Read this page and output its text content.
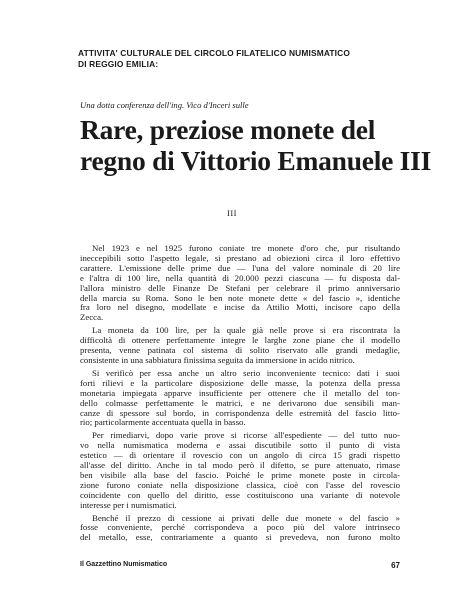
ATTIVITA' CULTURALE DEL CIRCOLO FILATELICO NUMISMATICO
DI REGGIO EMILIA:
Una dotta conferenza dell'ing. Vico d'Inceri sulle
Rare, preziose monete del
regno di Vittorio Emanuele III
III

Nel 1923 e nel 1925 furono coniate tre monete d'oro che, pur risultando
ineccepibili sotto l'aspetto legale, si prestano ad obiezioni circa il loro effettivo
carattere. L'emissione delle prime due — l'una del valore nominale di 20 lire
e l'altra di 100 lire, nella quantità di 20.000 pezzi ciascuna — fu disposta dal-
l'allora ministro delle Finanze De Stefani per celebrare il primo anniversario
della marcia su Roma. Sono le ben note monete dette « del fascio », identiche
fra loro nel disegno, modellate e incise da Attilio Motti, incisore capo della
Zecca.

La moneta da 100 lire, per la quale già nelle prove si era riscontrata la
difficoltà di ottenere perfettamente integre le larghe zone piane che il modello
presenta, venne patinata col sistema di solito riservato alle grandi medaglie,
consistente in una sabbiatura finissima seguita da immersione in acido nitrico.

Si verificò per essa anche un altro serio inconveniente tecnico: dati i suoi
forti rilievi e la particolare disposizione delle masse, la potenza della pressa
monetaria impiegata apparve insufficiente per ottenere che il metallo del ton-
dello colmasse perfettamente le matrici, e ne derivarono due sensibili man-
canze di spessore sul bordo, in corrispondenza delle estremità del fascio litto-
rio; particolarmente accentuata quella in basso.

Per rimediarvi, dopo varie prove si ricorse all'espediente — del tutto nuo-
vo nella numismatica moderna e assai discutibile sotto il punto di vista
estetico — di orientare il rovescio con un angolo di circa 15 gradi rispetto
all'asse del diritto. Anche in tal modo però il difetto, se pure attenuato, rimase
ben visibile alla base del fascio. Poiché le prime monete poste in circola-
zione furono coniate nella disposizione classica, cioè con l'asse del rovescio
coincidente con quello del diritto, esse costituiscono una variante di notevole
interesse per i numismatici.

Benché il prezzo di cessione ai privati delle due monete « del fascio »
fosse conveniente, perché corrispondeva a poco più del valore intrinseco
del metallo, esse, contrariamente a quanto si prevedeva, non furono molto

Il Gazzettino Numismatico	67
